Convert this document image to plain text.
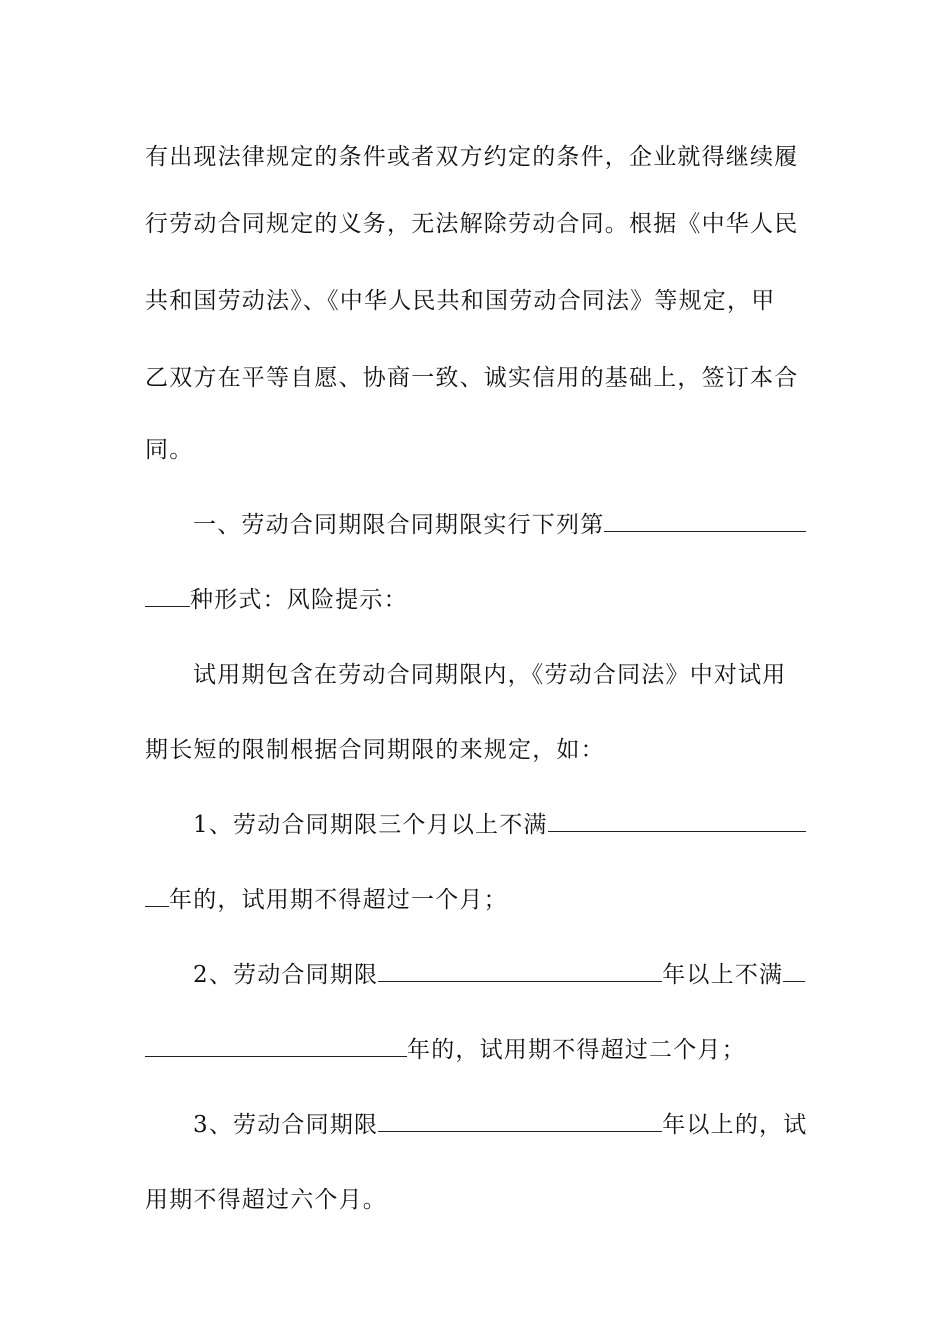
有出现法律规定的条件或者双方约定的条件，企业就得继续履
行劳动合同规定的义务，无法解除劳动合同。根据《中华人民
共和国劳动法》、《中华人民共和国劳动合同法》等规定，甲
乙双方在平等自愿、协商一致、诚实信用的基础上，签订本合
同。
一、劳动合同期限合同期限实行下列第
种形式：风险提示：
试用期包含在劳动合同期限内，《劳动合同法》中对试用
期长短的限制根据合同期限的来规定，如：
1、劳动合同期限三个月以上不满
年的，试用期不得超过一个月；
2、劳动合同期限	年以上不满
年的，试用期不得超过二个月；
3、劳动合同期限	年以上的，试
用期不得超过六个月。
